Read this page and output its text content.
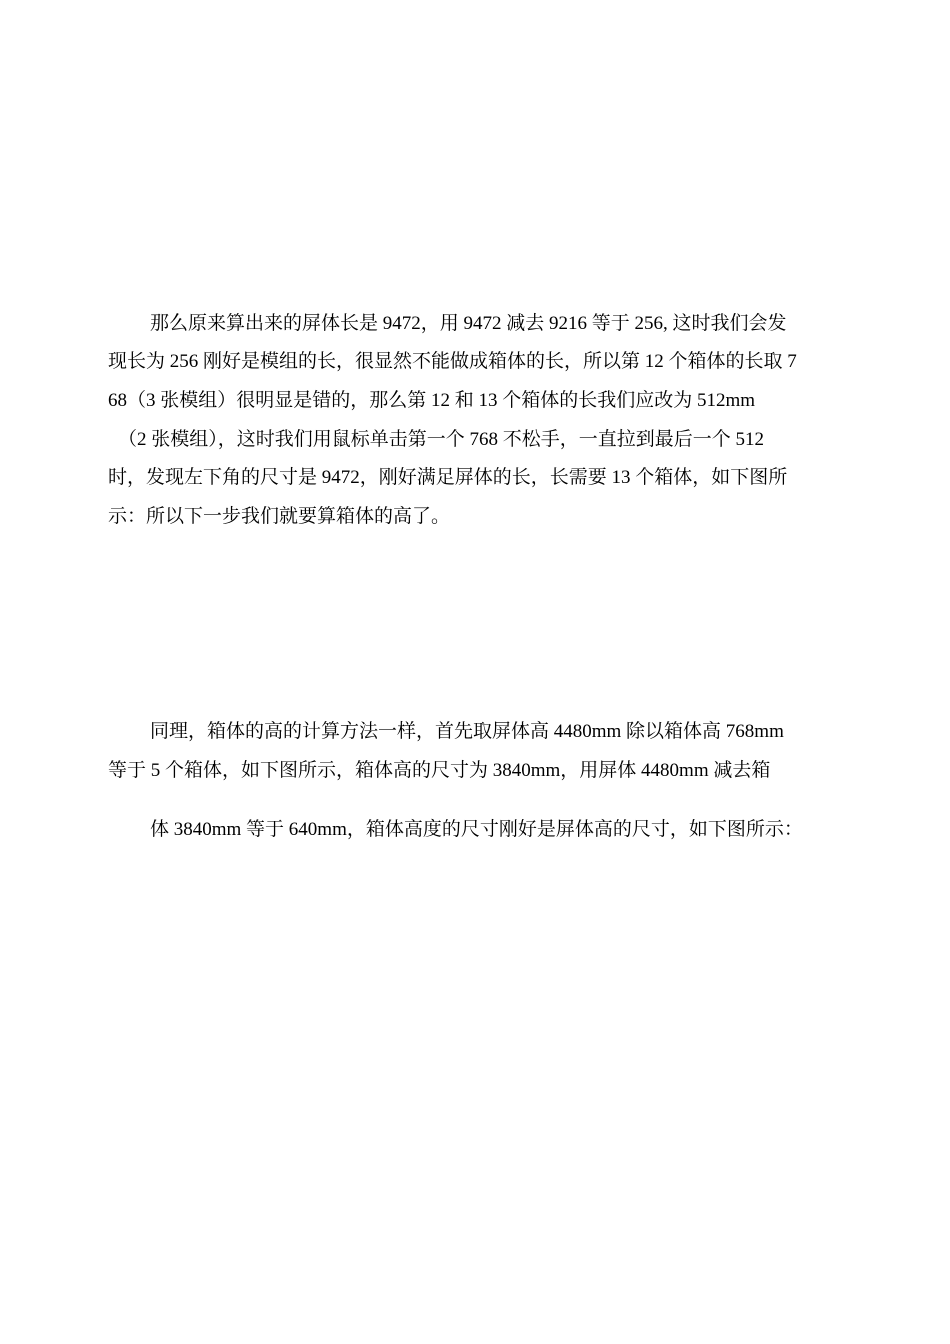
那么原来算出来的屏体长是 9472，用 9472 减去 9216 等于 256, 这时我们会发
现长为 256 刚好是模组的长，很显然不能做成箱体的长，所以第 12 个箱体的长取 7
68（3 张模组）很明显是错的，那么第 12 和 13 个箱体的长我们应改为 512mm
（2 张模组），这时我们用鼠标单击第一个 768 不松手，一直拉到最后一个 512
时，发现左下角的尺寸是 9472，刚好满足屏体的长，长需要 13 个箱体，如下图所
示：所以下一步我们就要算箱体的高了。
同理，箱体的高的计算方法一样，首先取屏体高 4480mm 除以箱体高 768mm
等于 5 个箱体，如下图所示，箱体高的尺寸为 3840mm，用屏体 4480mm 减去箱
体 3840mm 等于 640mm，箱体高度的尺寸刚好是屏体高的尺寸，如下图所示：
